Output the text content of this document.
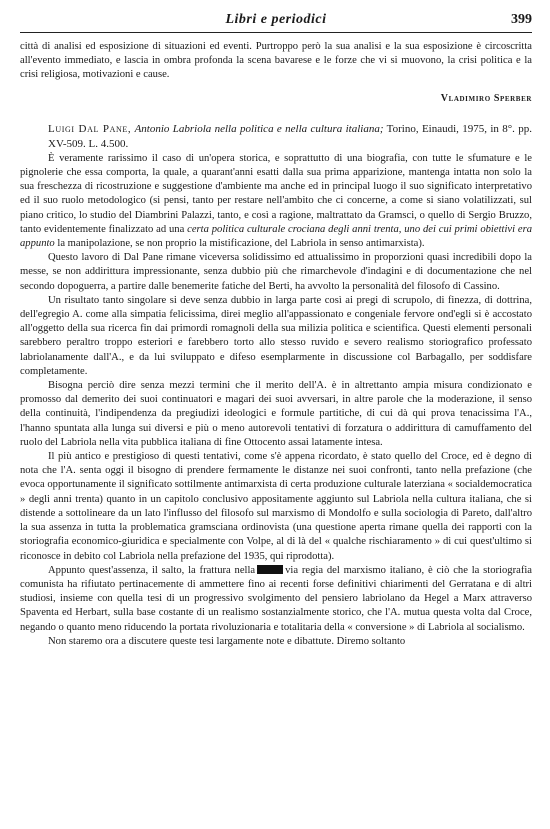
Libri e periodici	399

città di analisi ed esposizione di situazioni ed eventi. Purtroppo però la sua analisi e la sua esposizione è circoscritta all'evento immediato, e lascia in ombra profonda la scena bavarese e le forze che vi si muovono, la crisi politica e la crisi religiosa, motivazioni e cause.

Vladimiro Sperber

Luigi Dal Pane, Antonio Labriola nella politica e nella cultura italiana; Torino, Einaudi, 1975, in 8°. pp. XV-509. L. 4.500.

È veramente rarissimo il caso di un'opera storica, e soprattutto di una biografia, con tutte le sfumature e le pignolerie che essa comporta, la quale, a quarant'anni esatti dalla sua prima apparizione, mantenga intatta non solo la sua freschezza di ricostruzione e suggestione d'ambiente ma anche ed in principal luogo il suo significato interpretativo ed il suo ruolo metodologico (si pensi, tanto per restare nell'ambito che ci concerne, a come si siano volatilizzati, sul piano critico, lo studio del Diambrini Palazzi, tanto, e così a ragione, maltrattato da Gramsci, o quello di Sergio Bruzzo, tanto evidentemente finalizzato ad una certa politica culturale crociana degli anni trenta, uno dei cui primi obiettivi era appunto la manipolazione, se non proprio la mistificazione, del Labriola in senso antimarxista).

Questo lavoro di Dal Pane rimane viceversa solidissimo ed attualissimo in proporzioni quasi incredibili dopo la messe, se non addirittura impressionante, senza dubbio più che rimarchevole d'indagini e di documentazione che nel secondo dopoguerra, a partire dalle benemerite fatiche del Berti, ha avvolto la personalità del filosofo di Cassino.

Un risultato tanto singolare si deve senza dubbio in larga parte così ai pregi di scrupolo, di finezza, di dottrina, dell'egregio A. come alla simpatia felicissima, direi meglio all'appassionato e congeniale fervore ond'egli si è accostato all'oggetto della sua ricerca fin dai primordi romagnoli della sua milizia politica e scientifica. Questi elementi personali sarebbero peraltro troppo esteriori e farebbero torto allo stesso ruvido e severo realismo storiografico professato labriolanamente dall'A., e da lui sviluppato e difeso esemplarmente in discussione col Barbagallo, per soddisfare completamente.

Bisogna perciò dire senza mezzi termini che il merito dell'A. è in altrettanto ampia misura condizionato e promosso dal demerito dei suoi continuatori e magari dei suoi avversari, in altre parole che la moderazione, il senso della continuità, l'indipendenza da pregiudizi ideologici e formule partitiche, di cui dà qui prova tenacissima l'A., l'hanno spuntata alla lunga sui diversi e più o meno autorevoli tentativi di forzatura o addirittura di camuffamento del ruolo del Labriola nella vita pubblica italiana di fine Ottocento assai latamente intesa.

Il più antico e prestigioso di questi tentativi, come s'è appena ricordato, è stato quello del Croce, ed è degno di nota che l'A. senta oggi il bisogno di prendere fermamente le distanze nei suoi confronti, tanto nella prefazione (che evoca opportunamente il significato sottilmente antimarxista di certa produzione culturale laterziana « socialdemocratica » degli anni trenta) quanto in un capitolo conclusivo appositamente aggiunto sul Labriola nella cultura italiana, che si distende a sottolineare da un lato l'influsso del filosofo sul marxismo di Mondolfo e sulla sociologia di Pareto, dall'altro la sua assenza in tutta la problematica gramsciana ordinovista (una questione aperta rimane quella dei rapporti con la storiografia economico-giuridica e specialmente con Volpe, al di là del « qualche rischiaramento » di cui quest'ultimo si riconosce in debito col Labriola nella prefazione del 1935, qui riprodotta).

Appunto quest'assenza, il salto, la frattura nella	via regia del marxismo italiano, è ciò che la storiografia comunista ha rifiutato pertinacemente di ammettere fino ai recenti forse definitivi chiarimenti del Gerratana e di altri studiosi, insieme con quella tesi di un progressivo svolgimento del pensiero labriolano da Hegel a Marx attraverso Spaventa ed Herbart, sulla base costante di un realismo sostanzialmente storico, che l'A. mutua questa volta dal Croce, negando o quanto meno riducendo la portata rivoluzionaria e totalitaria della « conversione » di Labriola al socialismo.

Non staremo ora a discutere queste tesi largamente note e dibattute. Diremo soltanto
